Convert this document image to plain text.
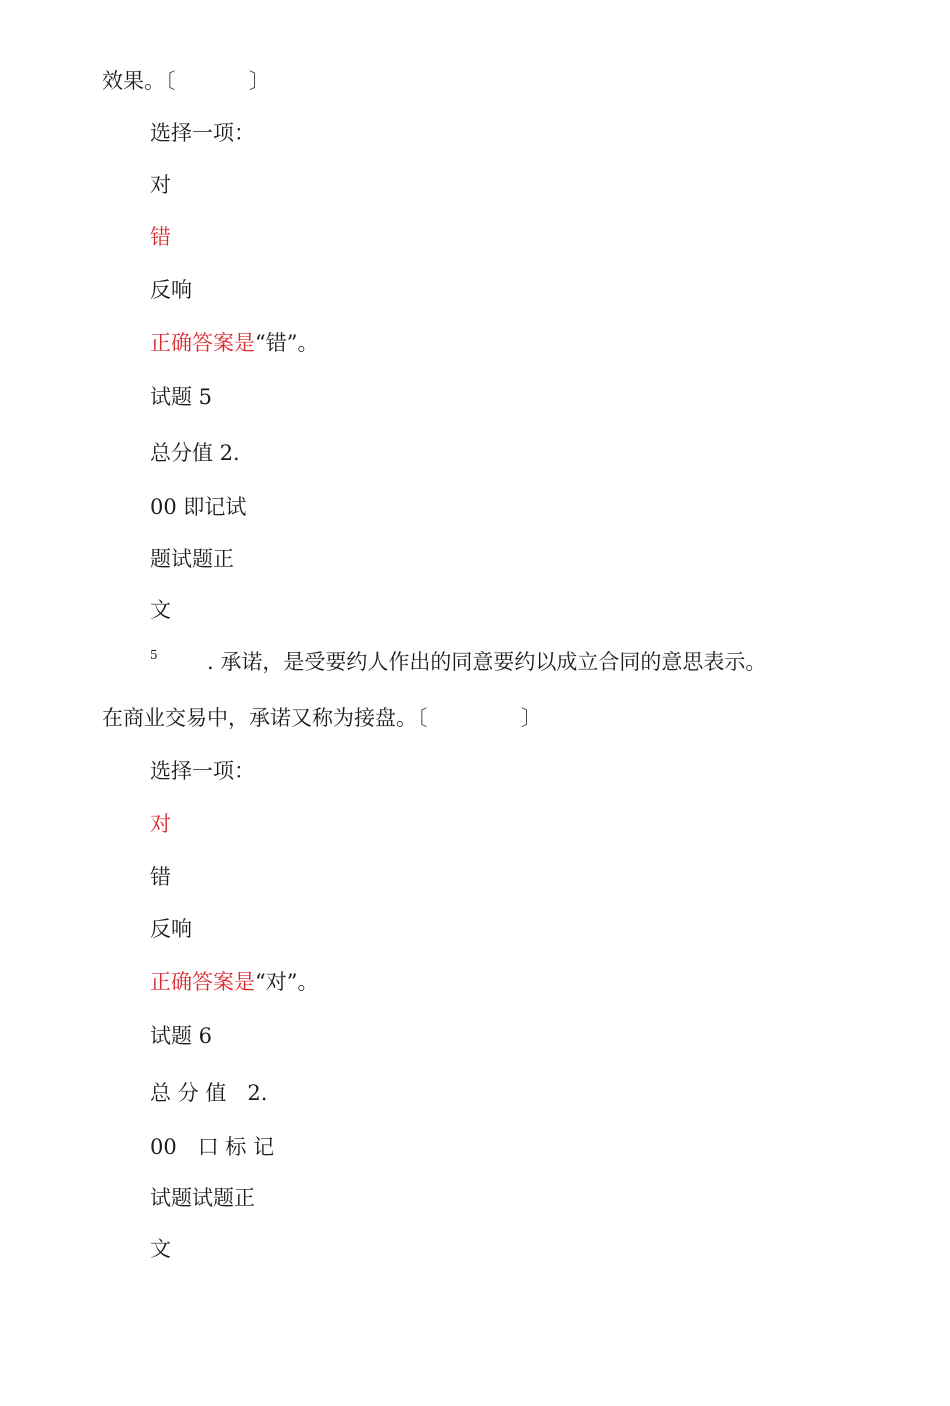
效果。〔	〕
选择一项：
对
错
反响
正确答案是“错”。
试题 5
总分值 2.
00 即记试
题试题正
文
5 . 承诺，是受要约人作出的同意要约以成立合同的意思表示。
在商业交易中，承诺又称为接盘。〔	〕
选择一项：
对
错
反响
正确答案是“对”。
试题 6
总 分 值　2.
00　口 标 记
试题试题正
文
